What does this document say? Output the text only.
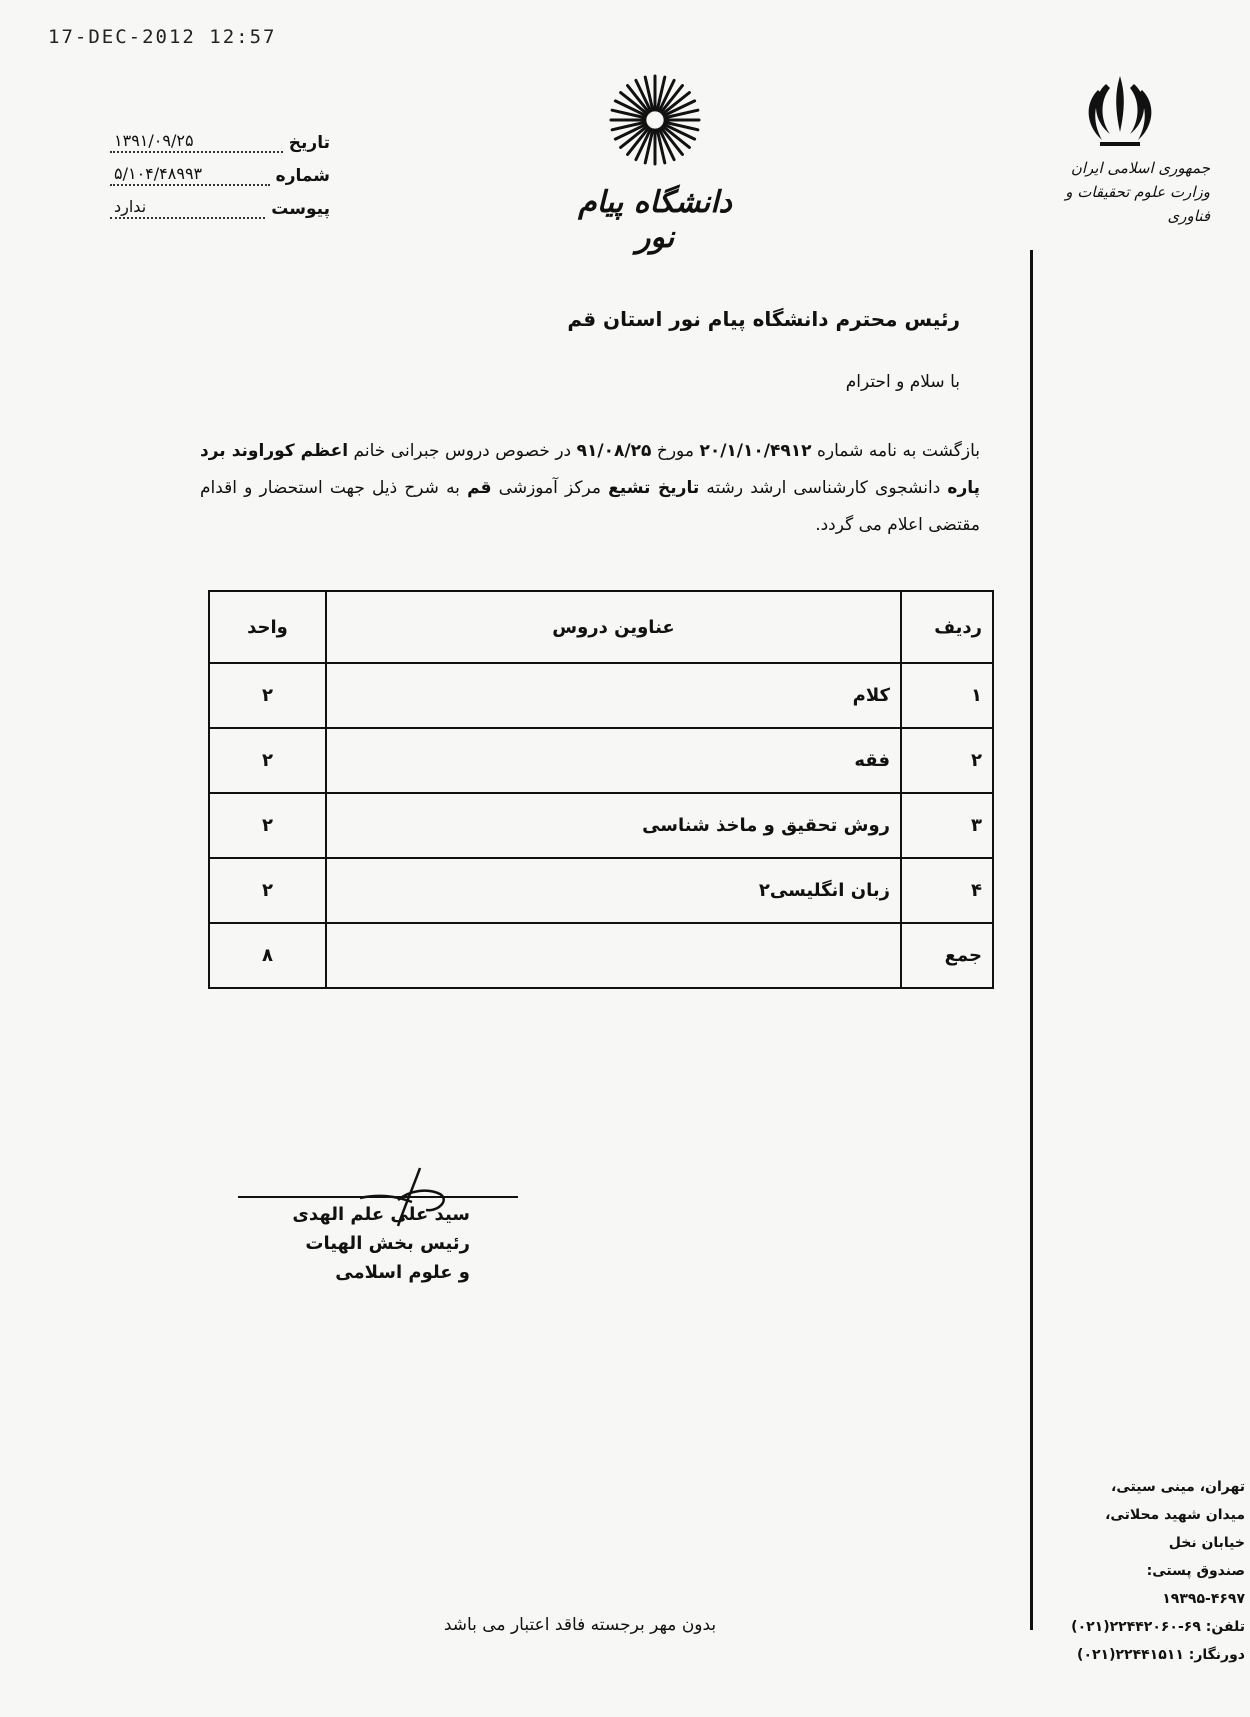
17-DEC-2012 12:57
تاریخ
۱۳۹۱/۰۹/۲۵
شماره
۵/۱۰۴/۴۸۹۹۳
پیوست
ندارد	دانشگاه پیام نور
جمهوری اسلامی ایران
وزارت علوم تحقیقات و فناوری
رئیس محترم دانشگاه پیام نور استان قم
با سلام و احترام
بازگشت به نامه شماره ۲۰/۱/۱۰/۴۹۱۲ مورخ ۹۱/۰۸/۲۵ در خصوص دروس جبرانی خانم اعظم کوراوند برد پاره دانشجوی کارشناسی ارشد رشته تاریخ تشیع مرکز آموزشی قم به شرح ذیل جهت استحضار و اقدام مقتضی اعلام می گردد.
ردیف	عناوین دروس	واحد
۱	کلام	۲
۲	فقه	۲
۳	روش تحقیق و ماخذ شناسی	۲
۴	زبان انگلیسی۲	۲
جمع		۸
سید علی علم الهدی
رئیس بخش الهیات
و علوم اسلامی
بدون مهر برجسته فاقد اعتبار می باشد
تهران، مینی سیتی،
میدان شهید محلاتی،
خیابان نخل
صندوق پستی: ۴۶۹۷-۱۹۳۹۵
تلفن: ۶۹-۲۲۴۴۲۰۶۰(۰۲۱)
دورنگار: ۲۲۴۴۱۵۱۱(۰۲۱)
